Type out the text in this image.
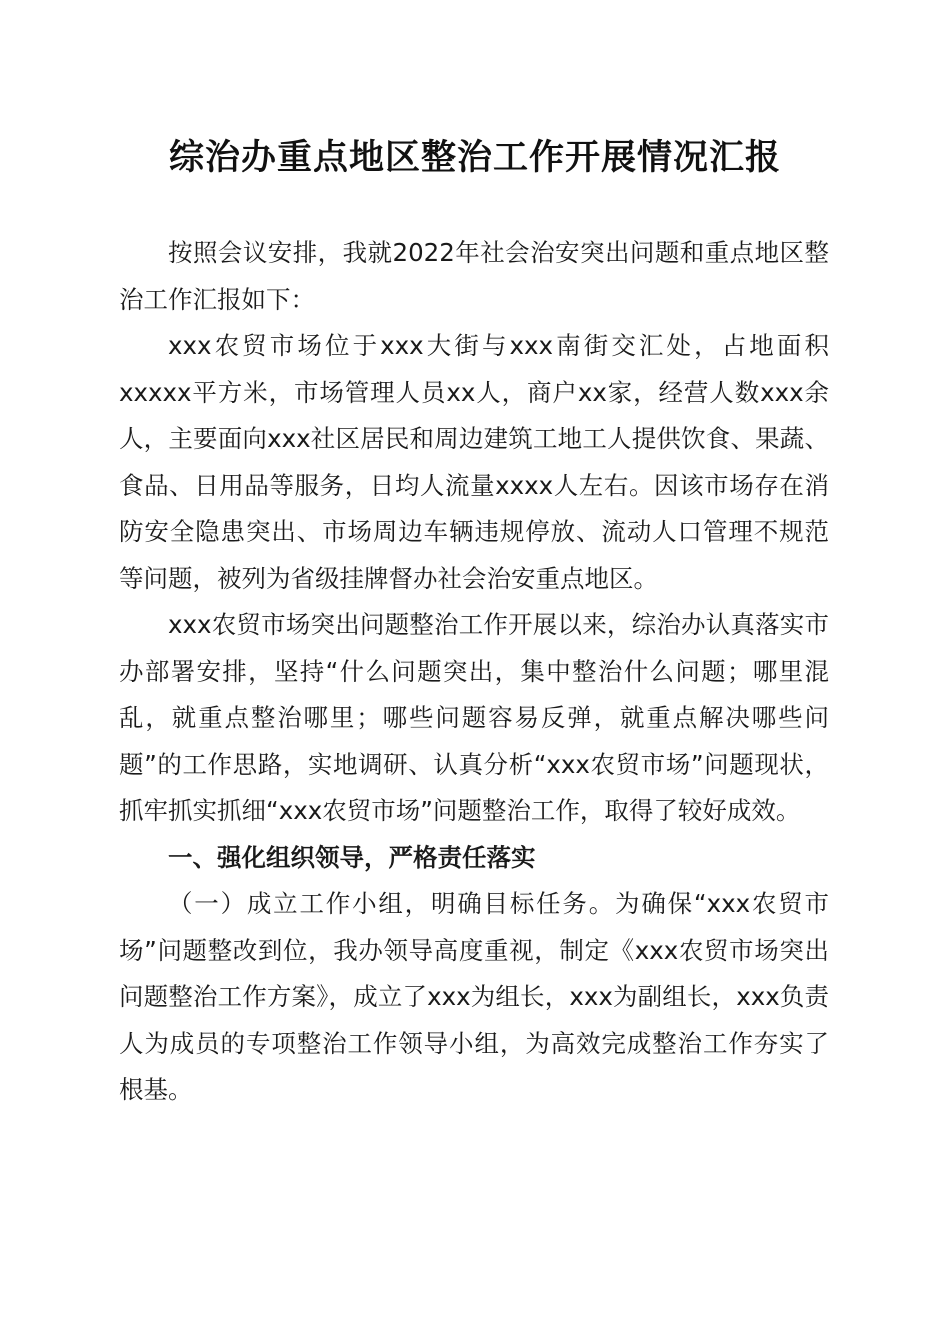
综治办重点地区整治工作开展情况汇报

按照会议安排，我就2022年社会治安突出问题和重点地区整治工作汇报如下：

xxx农贸市场位于xxx大街与xxx南街交汇处，占地面积xxxxx平方米，市场管理人员xx人，商户xx家，经营人数xxx余人，主要面向xxx社区居民和周边建筑工地工人提供饮食、果蔬、食品、日用品等服务，日均人流量xxxx人左右。因该市场存在消防安全隐患突出、市场周边车辆违规停放、流动人口管理不规范等问题，被列为省级挂牌督办社会治安重点地区。

xxx农贸市场突出问题整治工作开展以来，综治办认真落实市办部署安排，坚持“什么问题突出，集中整治什么问题；哪里混乱，就重点整治哪里；哪些问题容易反弹，就重点解决哪些问题”的工作思路，实地调研、认真分析“xxx农贸市场”问题现状，抓牢抓实抓细“xxx农贸市场”问题整治工作，取得了较好成效。

一、强化组织领导，严格责任落实

（一）成立工作小组，明确目标任务。为确保“xxx农贸市场”问题整改到位，我办领导高度重视，制定《xxx农贸市场突出问题整治工作方案》，成立了xxx为组长，xxx为副组长，xxx负责人为成员的专项整治工作领导小组，为高效完成整治工作夯实了根基。
